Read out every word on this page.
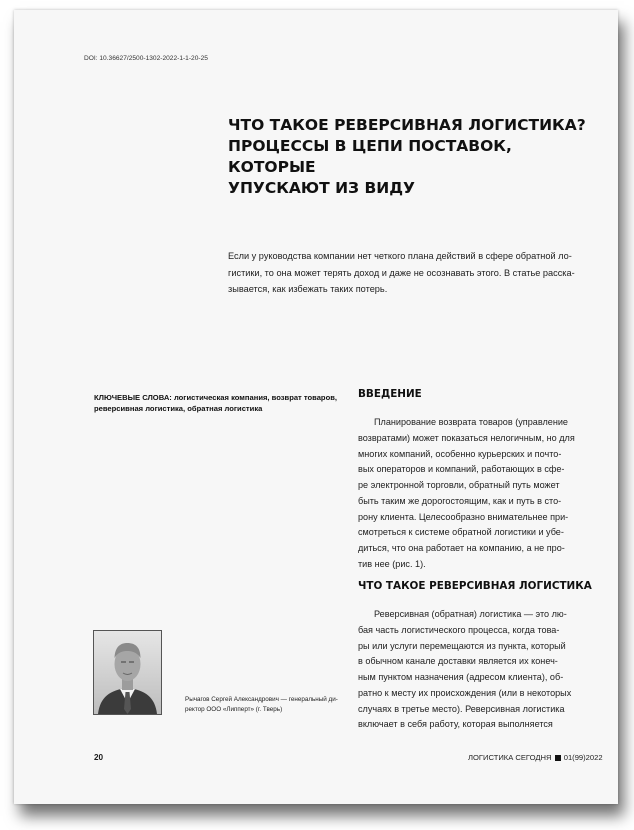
DOI: 10.36627/2500-1302-2022-1-1-20-25
ЧТО ТАКОЕ РЕВЕРСИВНАЯ ЛОГИСТИКА?
ПРОЦЕССЫ В ЦЕПИ ПОСТАВОК, КОТОРЫЕ
УПУСКАЮТ ИЗ ВИДУ

Если у руководства компании нет четкого плана действий в сфере обратной ло-
гистики, то она может терять доход и даже не осознавать этого. В статье расска-
зывается, как избежать таких потерь.

КЛЮЧЕВЫЕ СЛОВА: логистическая компания, возврат товаров,
реверсивная логистика, обратная логистика
ВВЕДЕНИЕ
Планирование возврата товаров (управление
возвратами) может показаться нелогичным, но для
многих компаний, особенно курьерских и почто-
вых операторов и компаний, работающих в сфе-
ре электронной торговли, обратный путь может
быть таким же дорогостоящим, как и путь в сто-
рону клиента. Целесообразно внимательнее при-
смотреться к системе обратной логистики и убе-
диться, что она работает на компанию, а не про-
тив нее (рис. 1).
ЧТО ТАКОЕ РЕВЕРСИВНАЯ ЛОГИСТИКА
Реверсивная (обратная) логистика — это лю-
бая часть логистического процесса, когда това-
ры или услуги перемещаются из пункта, который
в обычном канале доставки является их конеч-
ным пунктом назначения (адресом клиента), об-
ратно к месту их происхождения (или в некоторых
случаях в третье место). Реверсивная логистика
включает в себя работу, которая выполняется
Рычагов Сергей Александрович — генеральный ди-
ректор ООО «Липперт» (г. Тверь)
20	ЛОГИСТИКА СЕГОДНЯ 01(99)2022
